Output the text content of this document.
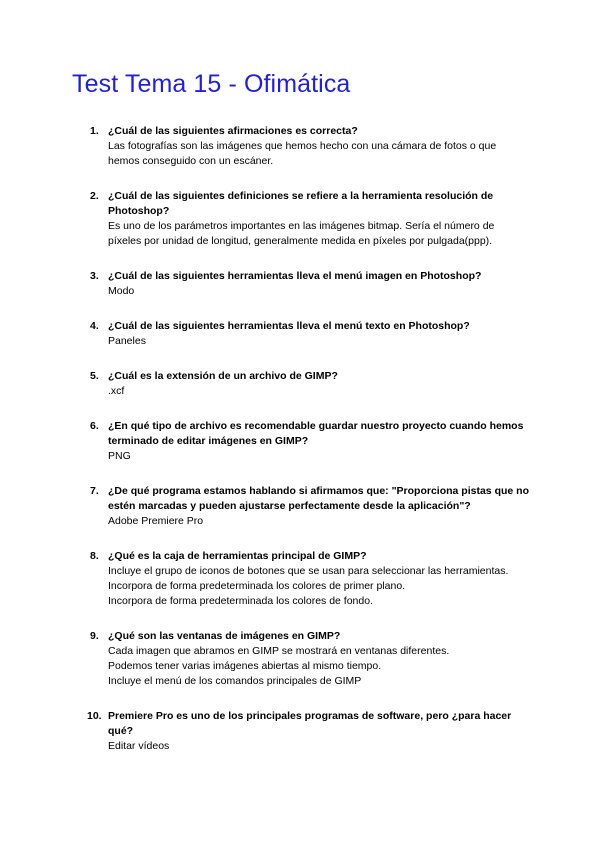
Test Tema 15 - Ofimática
1. ¿Cuál de las siguientes afirmaciones es correcta?

Las fotografías son las imágenes que hemos hecho con una cámara de fotos o que hemos conseguido con un escáner.

2. ¿Cuál de las siguientes definiciones se refiere a la herramienta resolución de Photoshop?

Es uno de los parámetros importantes en las imágenes bitmap. Sería el número de píxeles por unidad de longitud, generalmente medida en píxeles por pulgada(ppp).

3. ¿Cuál de las siguientes herramientas lleva el menú imagen en Photoshop?

Modo

4. ¿Cuál de las siguientes herramientas lleva el menú texto en Photoshop?

Paneles

5. ¿Cuál es la extensión de un archivo de GIMP?

.xcf

6. ¿En qué tipo de archivo es recomendable guardar nuestro proyecto cuando hemos terminado de editar imágenes en GIMP?

PNG

7. ¿De qué programa estamos hablando si afirmamos que: "Proporciona pistas que no estén marcadas y pueden ajustarse perfectamente desde la aplicación"?

Adobe Premiere Pro

8. ¿Qué es la caja de herramientas principal de GIMP?

Incluye el grupo de iconos de botones que se usan para seleccionar las herramientas.

Incorpora de forma predeterminada los colores de primer plano.

Incorpora de forma predeterminada los colores de fondo.

9. ¿Qué son las ventanas de imágenes en GIMP?

Cada imagen que abramos en GIMP se mostrará en ventanas diferentes.

Podemos tener varias imágenes abiertas al mismo tiempo.

Incluye el menú de los comandos principales de GIMP

10. Premiere Pro es uno de los principales programas de software, pero ¿para hacer qué?

Editar vídeos
